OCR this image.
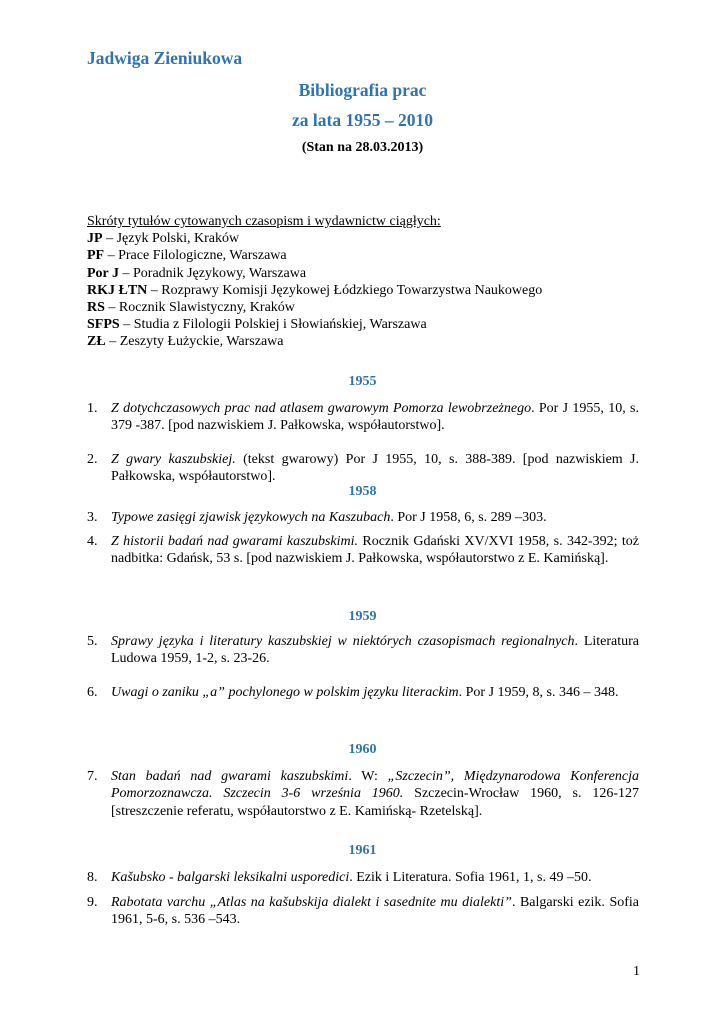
Jadwiga Zieniukowa
Bibliografia prac
za lata 1955 – 2010
(Stan na 28.03.2013)
Skróty tytułów cytowanych czasopism i wydawnictw ciągłych:
JP – Język Polski, Kraków
PF – Prace Filologiczne, Warszawa
Por J – Poradnik Językowy, Warszawa
RKJ ŁTN – Rozprawy Komisji Językowej Łódzkiego Towarzystwa Naukowego
RS – Rocznik Slawistyczny, Kraków
SFPS – Studia z Filologii Polskiej i Słowiańskiej, Warszawa
ZŁ – Zeszyty Łużyckie, Warszawa
1955
1. Z dotychczasowych prac nad atlasem gwarowym Pomorza lewobrzeżnego. Por J 1955, 10, s. 379 -387. [pod nazwiskiem J. Pałkowska, współautorstwo].
2. Z gwary kaszubskiej. (tekst gwarowy) Por J 1955, 10, s. 388-389. [pod nazwiskiem J. Pałkowska, współautorstwo].
1958
3. Typowe zasięgi zjawisk językowych na Kaszubach. Por J 1958, 6, s. 289 –303.
4. Z historii badań nad gwarami kaszubskimi. Rocznik Gdański XV/XVI 1958, s. 342-392; toż nadbitka: Gdańsk, 53 s. [pod nazwiskiem J. Pałkowska, współautorstwo z E. Kamińską].
1959
5. Sprawy języka i literatury kaszubskiej w niektórych czasopismach regionalnych. Literatura Ludowa 1959, 1-2, s. 23-26.
6. Uwagi o zaniku „a” pochylonego w polskim języku literackim. Por J 1959, 8, s. 346 – 348.
1960
7. Stan badań nad gwarami kaszubskimi. W: „Szczecin”, Międzynarodowa Konferencja Pomorzoznawcza. Szczecin 3-6 września 1960. Szczecin-Wrocław 1960, s. 126-127 [streszczenie referatu, współautorstwo z E. Kamińską- Rzetelską].
1961
8. Kašubsko - balgarski leksikalni usporedici. Ezik i Literatura. Sofia 1961, 1, s. 49 –50.
9. Rabotata varchu „Atlas na kašubskija dialekt i sasednite mu dialekti”. Balgarski ezik. Sofia 1961, 5-6, s. 536 –543.
1
